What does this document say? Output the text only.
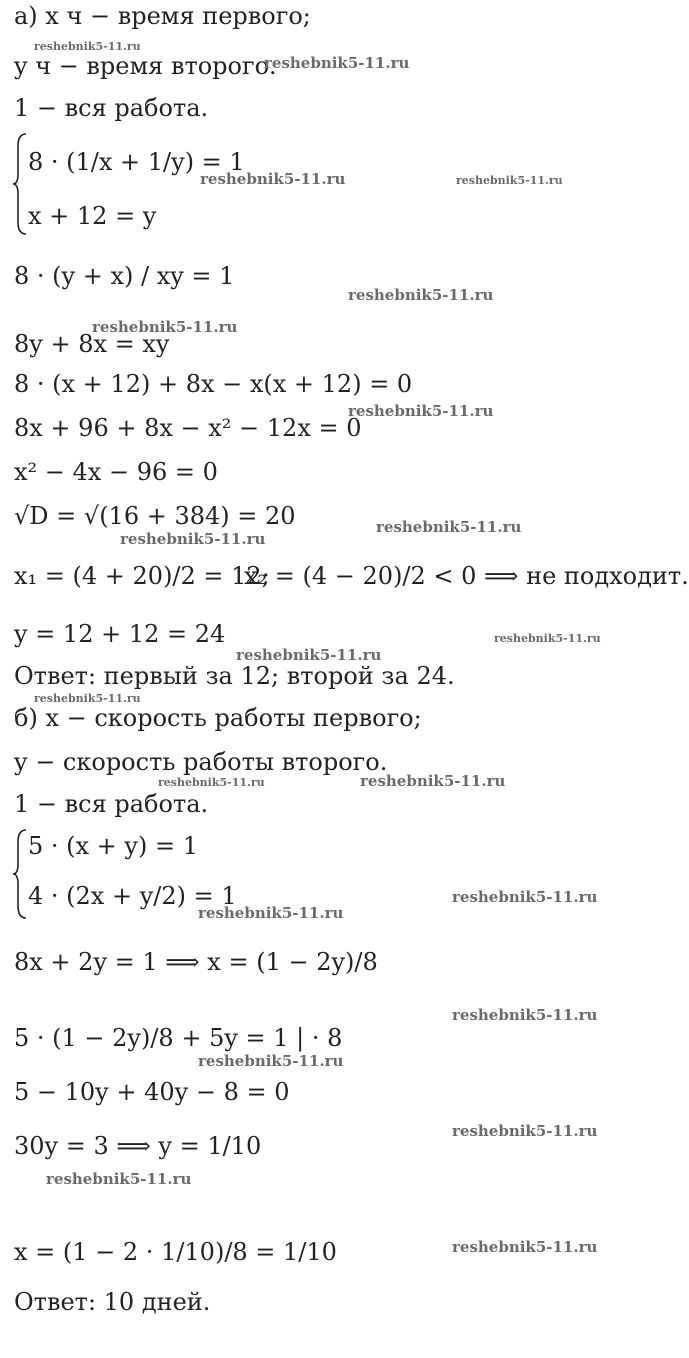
а) x ч − время первого;
y ч − время второго.
1 − вся работа.
8 · (1/x + 1/y) = 1
x + 12 = y
8 · (y + x) / xy = 1
8y + 8x = xy
8 · (x + 12) + 8x − x(x + 12) = 0
8x + 96 + 8x − x² − 12x = 0
x² − 4x − 96 = 0
√D = √(16 + 384) = 20
x₁ = (4 + 20)/2 = 12;
x₂ = (4 − 20)/2 < 0 ⟹ не подходит.
y = 12 + 12 = 24
Ответ: первый за 12; второй за 24.
б) x − скорость работы первого;
y − скорость работы второго.
1 − вся работа.
5 · (x + y) = 1
4 · (2x + y/2) = 1
8x + 2y = 1 ⟹ x = (1 − 2y)/8
5 · (1 − 2y)/8 + 5y = 1 | · 8
5 − 10y + 40y − 8 = 0
30y = 3 ⟹ y = 1/10
x = (1 − 2 · 1/10)/8 = 1/10
Ответ: 10 дней.
reshebnik5-11.ru
reshebnik5-11.ru
reshebnik5-11.ru	reshebnik5-11.ru
reshebnik5-11.ru
reshebnik5-11.ru
reshebnik5-11.ru
reshebnik5-11.ru
reshebnik5-11.ru
reshebnik5-11.ru
reshebnik5-11.ru
reshebnik5-11.ru
reshebnik5-11.ru	reshebnik5-11.ru
reshebnik5-11.ru
reshebnik5-11.ru
reshebnik5-11.ru
reshebnik5-11.ru
reshebnik5-11.ru
reshebnik5-11.ru
reshebnik5-11.ru
